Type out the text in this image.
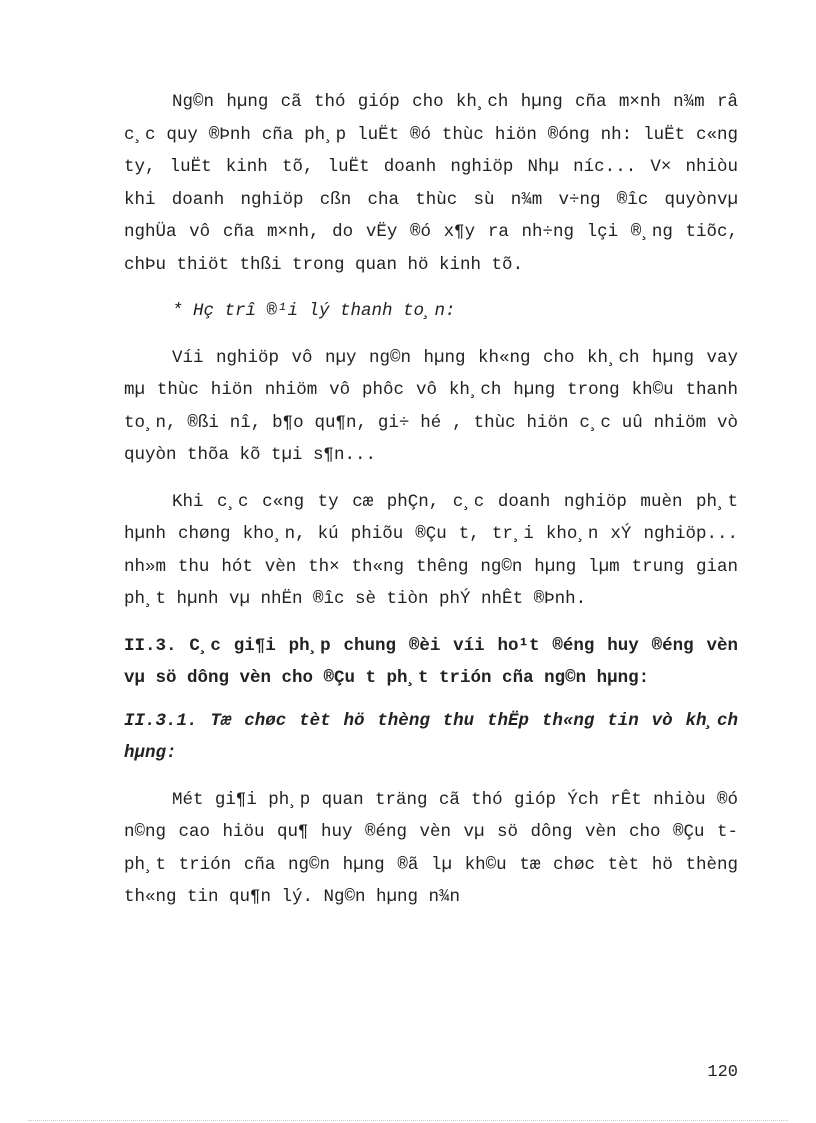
Ng©n hµng cã thó gióp cho kh¸ch hµng cña m×nh n¾m râ c¸c quy ®Þnh cña ph¸p luËt ®ó thùc hiön ®óng nh: luËt c«ng ty, luËt kinh tõ, luËt doanh nghiöp Nhµ níc... V× nhiòu khi doanh nghiöp cßn cha thùc sù n¾m v÷ng ®îc quyònvµ nghÜa vô cña m×nh, do vËy ®ó x¶y ra nh÷ng lçi ®¸ng tiõc, chÞu thiöt thßi trong quan hö kinh tõ.

* Hç trî ®¹i lý thanh to¸n:

Víi nghiöp vô nµy ng©n hµng kh«ng cho kh¸ch hµng vay mµ thùc hiön nhiöm vô phôc vô kh¸ch hµng trong kh©u thanh to¸n, ®ßi nî, b¶o qu¶n, gi÷ hé , thùc hiön c¸c uû nhiöm vò quyòn thõa kõ tµi s¶n...

Khi c¸c c«ng ty cæ phÇn, c¸c doanh nghiöp muèn ph¸t hµnh chøng kho¸n, kú phiõu ®Çu t, tr¸i kho¸n xÝ nghiöp... nh»m thu hót vèn th× th«ng thêng ng©n hµng lµm trung gian ph¸t hµnh vµ nhËn ®îc sè tiòn phÝ nhÊt ®Þnh.

II.3. C¸c gi¶i ph¸p chung ®èi víi ho¹t ®éng huy ®éng vèn vµ sö dông vèn cho ®Çu t ph¸t trión cña ng©n hµng:

II.3.1. Tæ chøc tèt hö thèng thu thËp th«ng tin vò kh¸ch hµng:

Mét gi¶i ph¸p quan träng cã thó gióp Ých rÊt nhiòu ®ó n©ng cao hiöu qu¶ huy ®éng vèn vµ sö dông vèn cho ®Çu t ph¸t trión cña ng©n hµng ®ã lµ kh©u tæ chøc tèt hö thèng th«ng tin qu¶n lý. Ng©n hµng n¾n

120
